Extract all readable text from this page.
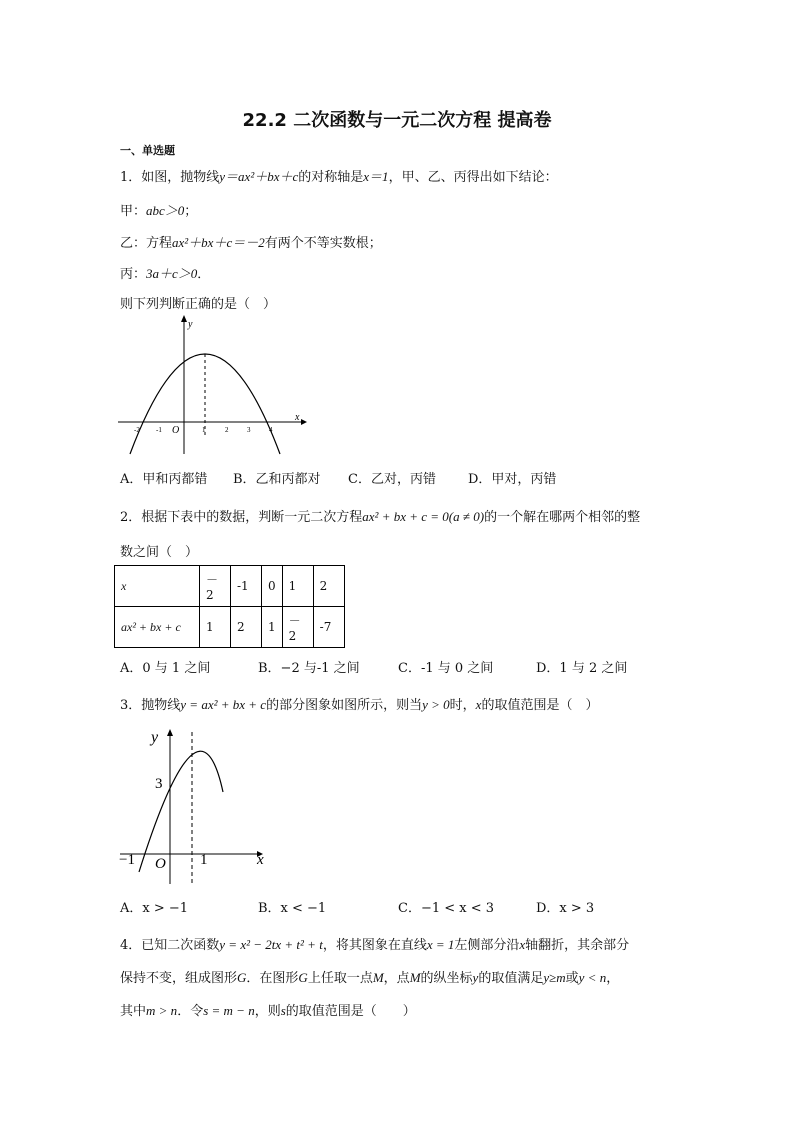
22.2 二次函数与一元二次方程 提高卷
一、单选题
1．如图，抛物线y＝ax²＋bx＋c的对称轴是x＝1，甲、乙、丙得出如下结论：
甲：abc＞0；
乙：方程ax²＋bx＋c＝－2有两个不等实数根；
丙：3a＋c＞0．
则下列判断正确的是（　）
y
x
O
-2 -1	1	2	3	4
A．甲和丙都错 B．乙和丙都对 C．乙对，丙错 D．甲对，丙错
2．根据下表中的数据，判断一元二次方程ax² + bx + c = 0(a ≠ 0)的一个解在哪两个相邻的整
数之间（　）
x	－2	-1	0	1	2
ax² + bx + c	1	2	1	－2	-7
A．0 与 1 之间	B．−2 与-1 之间	C．-1 与 0 之间	D．1 与 2 之间
3．抛物线y = ax² + bx + c的部分图象如图所示，则当y > 0时，x的取值范围是（　）
y
x
3
O
−1	1
A．x > −1	B．x < −1	C．−1 < x < 3	D．x > 3
4．已知二次函数y = x² − 2tx + t² + t，将其图象在直线x = 1左侧部分沿x轴翻折，其余部分
保持不变，组成图形G．在图形G上任取一点M，点M的纵坐标y的取值满足y≥m或y < n，
其中m > n．令s = m − n，则s的取值范围是（　　）
